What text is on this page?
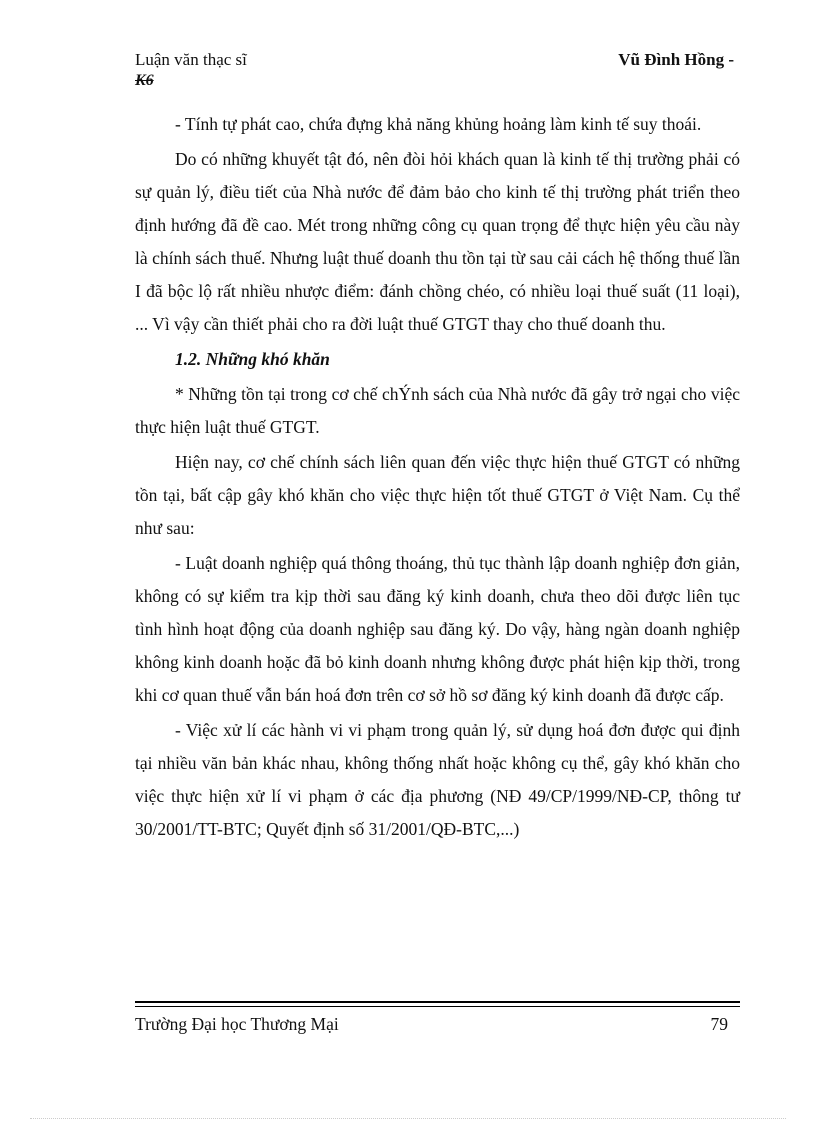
Luận văn thạc sĩ	Vũ Đình Hồng -
K6

- Tính tự phát cao, chứa đựng khả năng khủng hoảng làm kinh tế suy thoái.

Do có những khuyết tật đó, nên đòi hỏi khách quan là kinh tế thị trường phải có sự quản lý, điều tiết của Nhà nước để đảm bảo cho kinh tế thị trường phát triển theo định hướng đã đề cao. Mét trong những công cụ quan trọng để thực hiện yêu cầu này là chính sách thuế. Nhưng luật thuế doanh thu tồn tại từ sau cải cách hệ thống thuế lần I đã bộc lộ rất nhiều nhược điểm: đánh chồng chéo, có nhiều loại thuế suất (11 loại), ... Vì vậy cần thiết phải cho ra đời luật thuế GTGT thay cho thuế doanh thu.

1.2. Những khó khăn

* Những tồn tại trong cơ chế chÝnh sách của Nhà nước đã gây trở ngại cho việc thực hiện luật thuế GTGT.

Hiện nay, cơ chế chính sách liên quan đến việc thực hiện thuế GTGT có những tồn tại, bất cập gây khó khăn cho việc thực hiện tốt thuế GTGT ở Việt Nam. Cụ thể như sau:

- Luật doanh nghiệp quá thông thoáng, thủ tục thành lập doanh nghiệp đơn giản, không có sự kiểm tra kịp thời sau đăng ký kinh doanh, chưa theo dõi được liên tục tình hình hoạt động của doanh nghiệp sau đăng ký. Do vậy, hàng ngàn doanh nghiệp không kinh doanh hoặc đã bỏ kinh doanh nhưng không được phát hiện kịp thời, trong khi cơ quan thuế vẫn bán hoá đơn trên cơ sở hồ sơ đăng ký kinh doanh đã được cấp.

- Việc xử lí các hành vi vi phạm trong quản lý, sử dụng hoá đơn được qui định tại nhiều văn bản khác nhau, không thống nhất hoặc không cụ thể, gây khó khăn cho việc thực hiện xử lí vi phạm ở các địa phương (NĐ 49/CP/1999/NĐ-CP, thông tư 30/2001/TT-BTC; Quyết định số 31/2001/QĐ-BTC,...)

Trường Đại học Thương Mại	79
